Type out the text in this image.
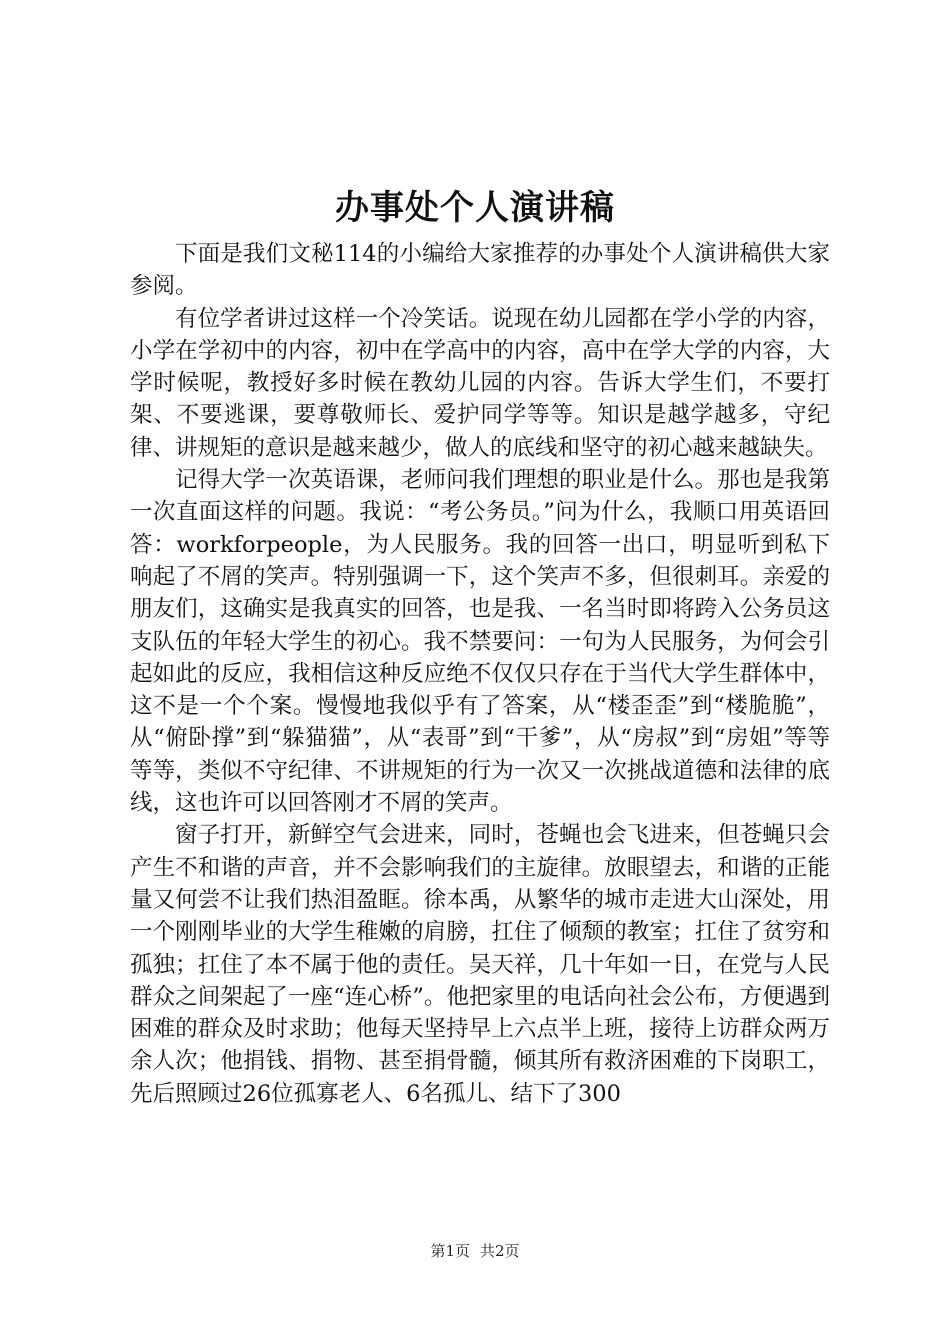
办事处个人演讲稿

下面是我们文秘114的小编给大家推荐的办事处个人演讲稿供大家参阅。

有位学者讲过这样一个冷笑话。说现在幼儿园都在学小学的内容，小学在学初中的内容，初中在学高中的内容，高中在学大学的内容，大学时候呢，教授好多时候在教幼儿园的内容。告诉大学生们，不要打架、不要逃课，要尊敬师长、爱护同学等等。知识是越学越多，守纪律、讲规矩的意识是越来越少，做人的底线和坚守的初心越来越缺失。

记得大学一次英语课，老师问我们理想的职业是什么。那也是我第一次直面这样的问题。我说：“考公务员。”问为什么，我顺口用英语回答：workforpeople，为人民服务。我的回答一出口，明显听到私下响起了不屑的笑声。特别强调一下，这个笑声不多，但很刺耳。亲爱的朋友们，这确实是我真实的回答，也是我、一名当时即将跨入公务员这支队伍的年轻大学生的初心。我不禁要问：一句为人民服务，为何会引起如此的反应，我相信这种反应绝不仅仅只存在于当代大学生群体中，这不是一个个案。慢慢地我似乎有了答案，从“楼歪歪”到“楼脆脆”，从“俯卧撑”到“躲猫猫”，从“表哥”到“干爹”，从“房叔”到“房姐”等等等等，类似不守纪律、不讲规矩的行为一次又一次挑战道德和法律的底线，这也许可以回答刚才不屑的笑声。

窗子打开，新鲜空气会进来，同时，苍蝇也会飞进来，但苍蝇只会产生不和谐的声音，并不会影响我们的主旋律。放眼望去，和谐的正能量又何尝不让我们热泪盈眶。徐本禹，从繁华的城市走进大山深处，用一个刚刚毕业的大学生稚嫩的肩膀，扛住了倾颓的教室；扛住了贫穷和孤独；扛住了本不属于他的责任。吴天祥，几十年如一日，在党与人民群众之间架起了一座“连心桥”。他把家里的电话向社会公布，方便遇到困难的群众及时求助；他每天坚持早上六点半上班，接待上访群众两万余人次；他捐钱、捐物、甚至捐骨髓，倾其所有救济困难的下岗职工，先后照顾过26位孤寡老人、6名孤儿、结下了300

第1页 共2页
